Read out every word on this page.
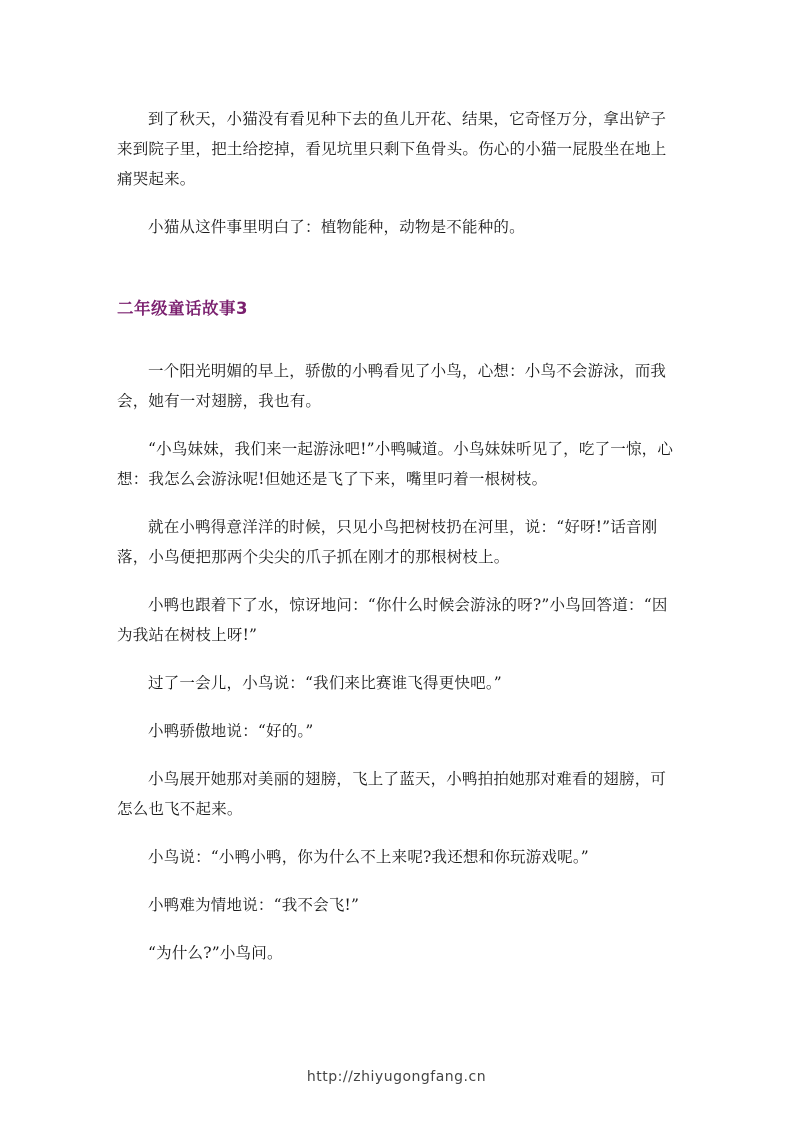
到了秋天，小猫没有看见种下去的鱼儿开花、结果，它奇怪万分，拿出铲子来到院子里，把土给挖掉，看见坑里只剩下鱼骨头。伤心的小猫一屁股坐在地上痛哭起来。

小猫从这件事里明白了：植物能种，动物是不能种的。

二年级童话故事3

一个阳光明媚的早上，骄傲的小鸭看见了小鸟，心想：小鸟不会游泳，而我会，她有一对翅膀，我也有。

“小鸟妹妹，我们来一起游泳吧!”小鸭喊道。小鸟妹妹听见了，吃了一惊，心想：我怎么会游泳呢!但她还是飞了下来，嘴里叼着一根树枝。

就在小鸭得意洋洋的时候，只见小鸟把树枝扔在河里，说：“好呀!”话音刚落，小鸟便把那两个尖尖的爪子抓在刚才的那根树枝上。

小鸭也跟着下了水，惊讶地问：“你什么时候会游泳的呀?”小鸟回答道：“因为我站在树枝上呀!”

过了一会儿，小鸟说：“我们来比赛谁飞得更快吧。”

小鸭骄傲地说：“好的。”

小鸟展开她那对美丽的翅膀，飞上了蓝天，小鸭拍拍她那对难看的翅膀，可怎么也飞不起来。

小鸟说：“小鸭小鸭，你为什么不上来呢?我还想和你玩游戏呢。”

小鸭难为情地说：“我不会飞!”

“为什么?”小鸟问。

http://zhiyugongfang.cn
